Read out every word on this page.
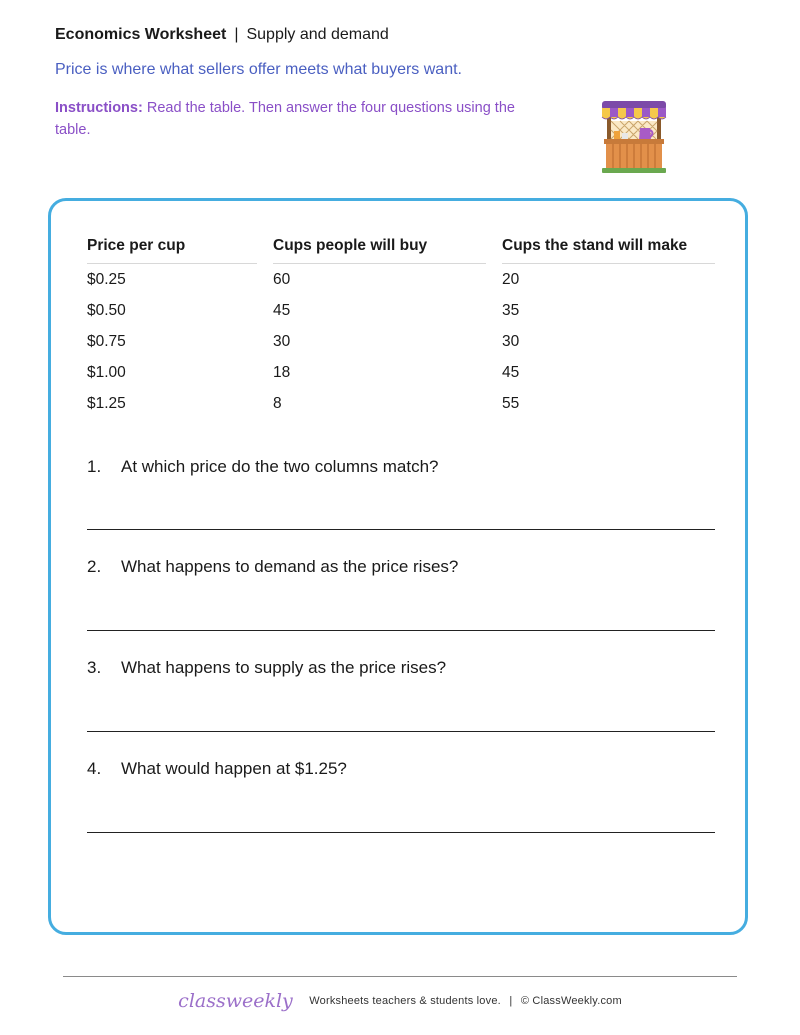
Economics Worksheet | Supply and demand
Price is where what sellers offer meets what buyers want.
Instructions: Read the table. Then answer the four questions using the table.
Price per cup		Cups people will buy		Cups the stand will make
$0.25		60		20
$0.50		45		35
$0.75		30		30
$1.00		18		45
$1.25		8		55
1. At which price do the two columns match?
2. What happens to demand as the price rises?
3. What happens to supply as the price rises?
4. What would happen at $1.25?
classweekly Worksheets teachers & students love. | © ClassWeekly.com
